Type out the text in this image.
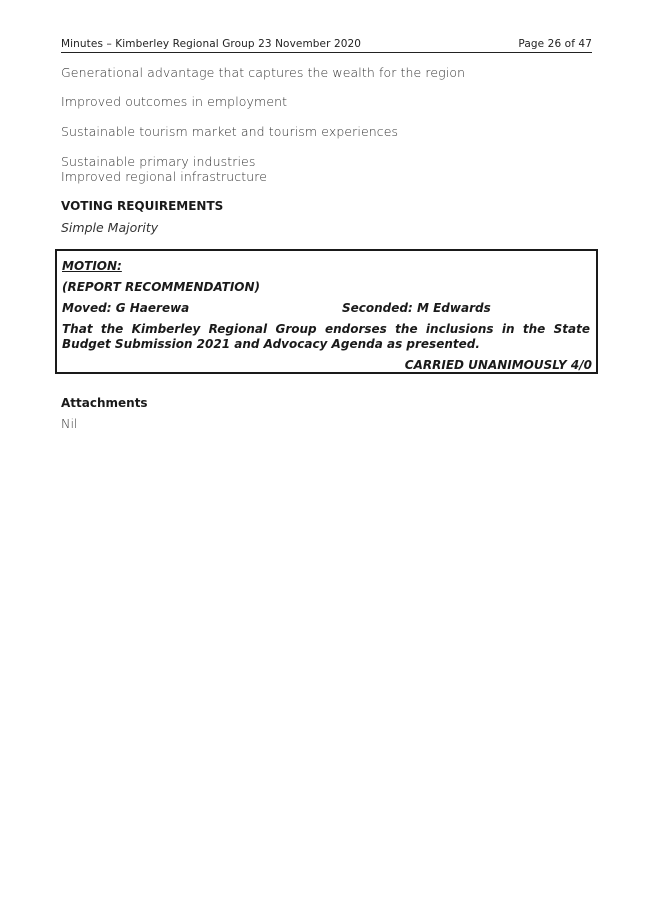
Minutes – Kimberley Regional Group 23 November 2020	Page 26 of 47
Generational advantage that captures the wealth for the region
Improved outcomes in employment
Sustainable tourism market and tourism experiences
Sustainable primary industries
Improved regional infrastructure
VOTING REQUIREMENTS
Simple Majority
MOTION:
(REPORT RECOMMENDATION)
Moved: G Haerewa	Seconded: M Edwards
That the Kimberley Regional Group endorses the inclusions in the State Budget Submission 2021 and Advocacy Agenda as presented.
CARRIED UNANIMOUSLY 4/0
Attachments
Nil
